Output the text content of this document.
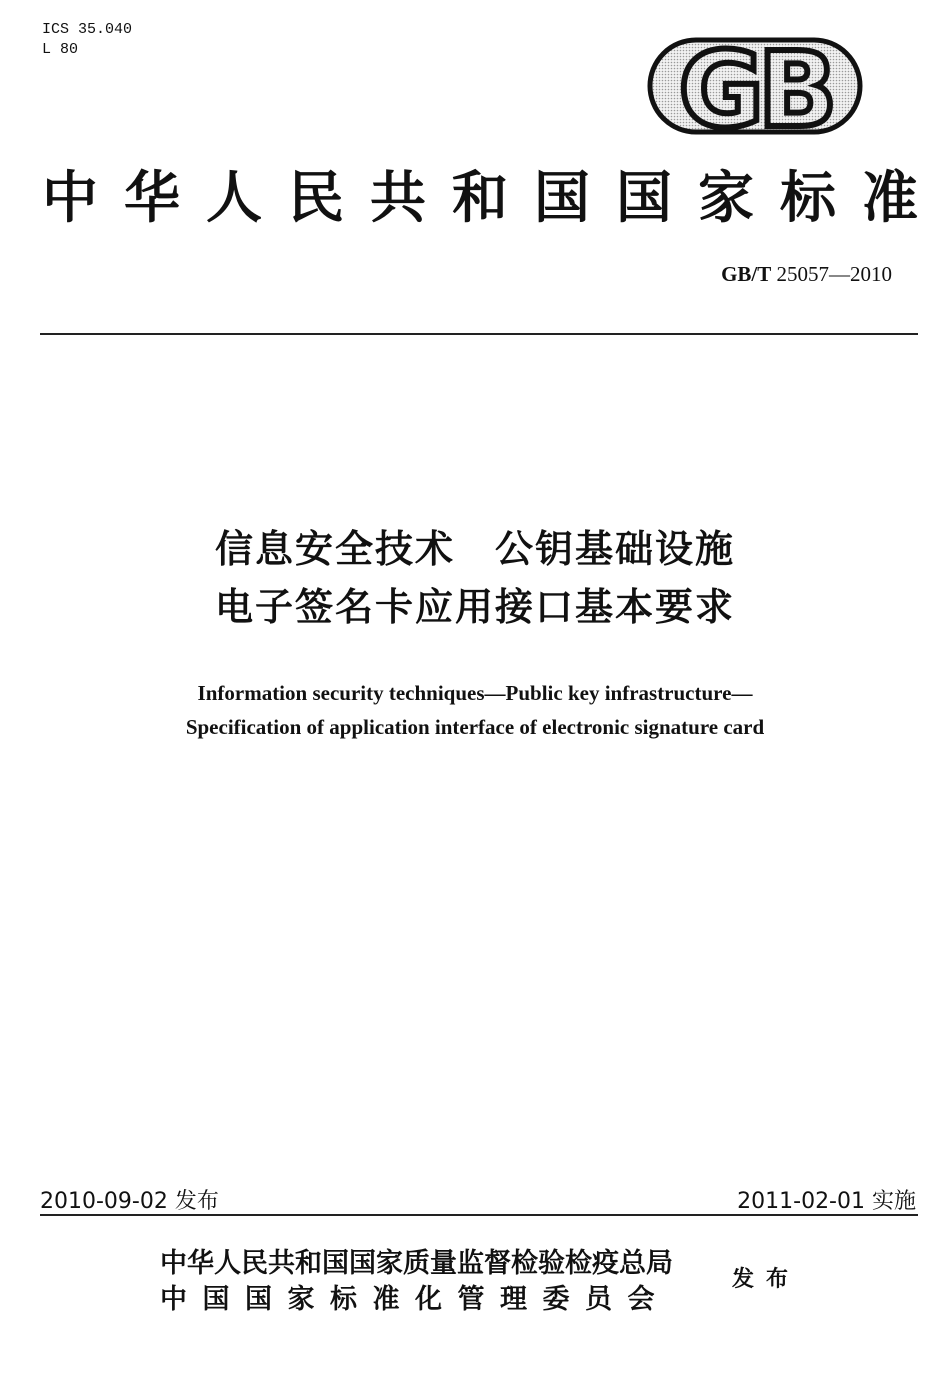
ICS 35.040
L 80	GB
中 华 人 民 共 和 国 国 家 标 准
GB/T 25057—2010
信息安全技术　公钥基础设施
电子签名卡应用接口基本要求
Information security techniques—Public key infrastructure—
Specification of application interface of electronic signature card
2010-09-02 发布	2011-02-01 实施
中华人民共和国国家质量监督检验检疫总局
中国国家标准化管理委员会
发布
